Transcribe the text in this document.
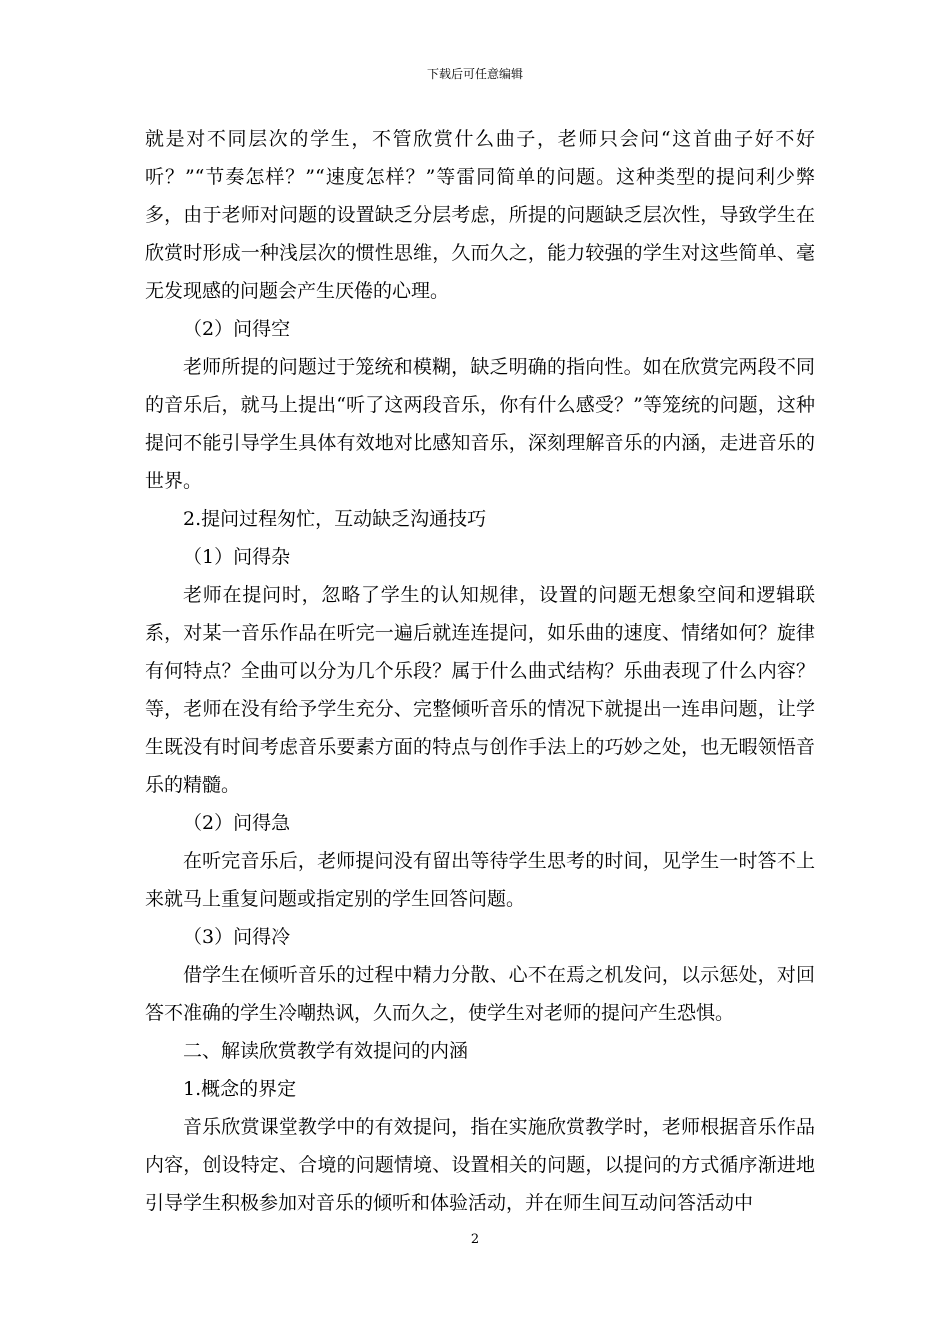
下载后可任意编辑

就是对不同层次的学生，不管欣赏什么曲子，老师只会问“这首曲子好不好听？”“节奏怎样？”“速度怎样？”等雷同简单的问题。这种类型的提问利少弊多，由于老师对问题的设置缺乏分层考虑，所提的问题缺乏层次性，导致学生在欣赏时形成一种浅层次的惯性思维，久而久之，能力较强的学生对这些简单、毫无发现感的问题会产生厌倦的心理。

（2）问得空

老师所提的问题过于笼统和模糊，缺乏明确的指向性。如在欣赏完两段不同的音乐后，就马上提出“听了这两段音乐，你有什么感受？”等笼统的问题，这种提问不能引导学生具体有效地对比感知音乐，深刻理解音乐的内涵，走进音乐的世界。

2.提问过程匆忙，互动缺乏沟通技巧

（1）问得杂

老师在提问时，忽略了学生的认知规律，设置的问题无想象空间和逻辑联系，对某一音乐作品在听完一遍后就连连提问，如乐曲的速度、情绪如何？旋律有何特点？全曲可以分为几个乐段？属于什么曲式结构？乐曲表现了什么内容？等，老师在没有给予学生充分、完整倾听音乐的情况下就提出一连串问题，让学生既没有时间考虑音乐要素方面的特点与创作手法上的巧妙之处，也无暇领悟音乐的精髓。

（2）问得急

在听完音乐后，老师提问没有留出等待学生思考的时间，见学生一时答不上来就马上重复问题或指定别的学生回答问题。

（3）问得冷

借学生在倾听音乐的过程中精力分散、心不在焉之机发问，以示惩处，对回答不准确的学生冷嘲热讽，久而久之，使学生对老师的提问产生恐惧。

二、解读欣赏教学有效提问的内涵

1.概念的界定

音乐欣赏课堂教学中的有效提问，指在实施欣赏教学时，老师根据音乐作品内容，创设特定、合境的问题情境、设置相关的问题，以提问的方式循序渐进地引导学生积极参加对音乐的倾听和体验活动，并在师生间互动问答活动中

2
